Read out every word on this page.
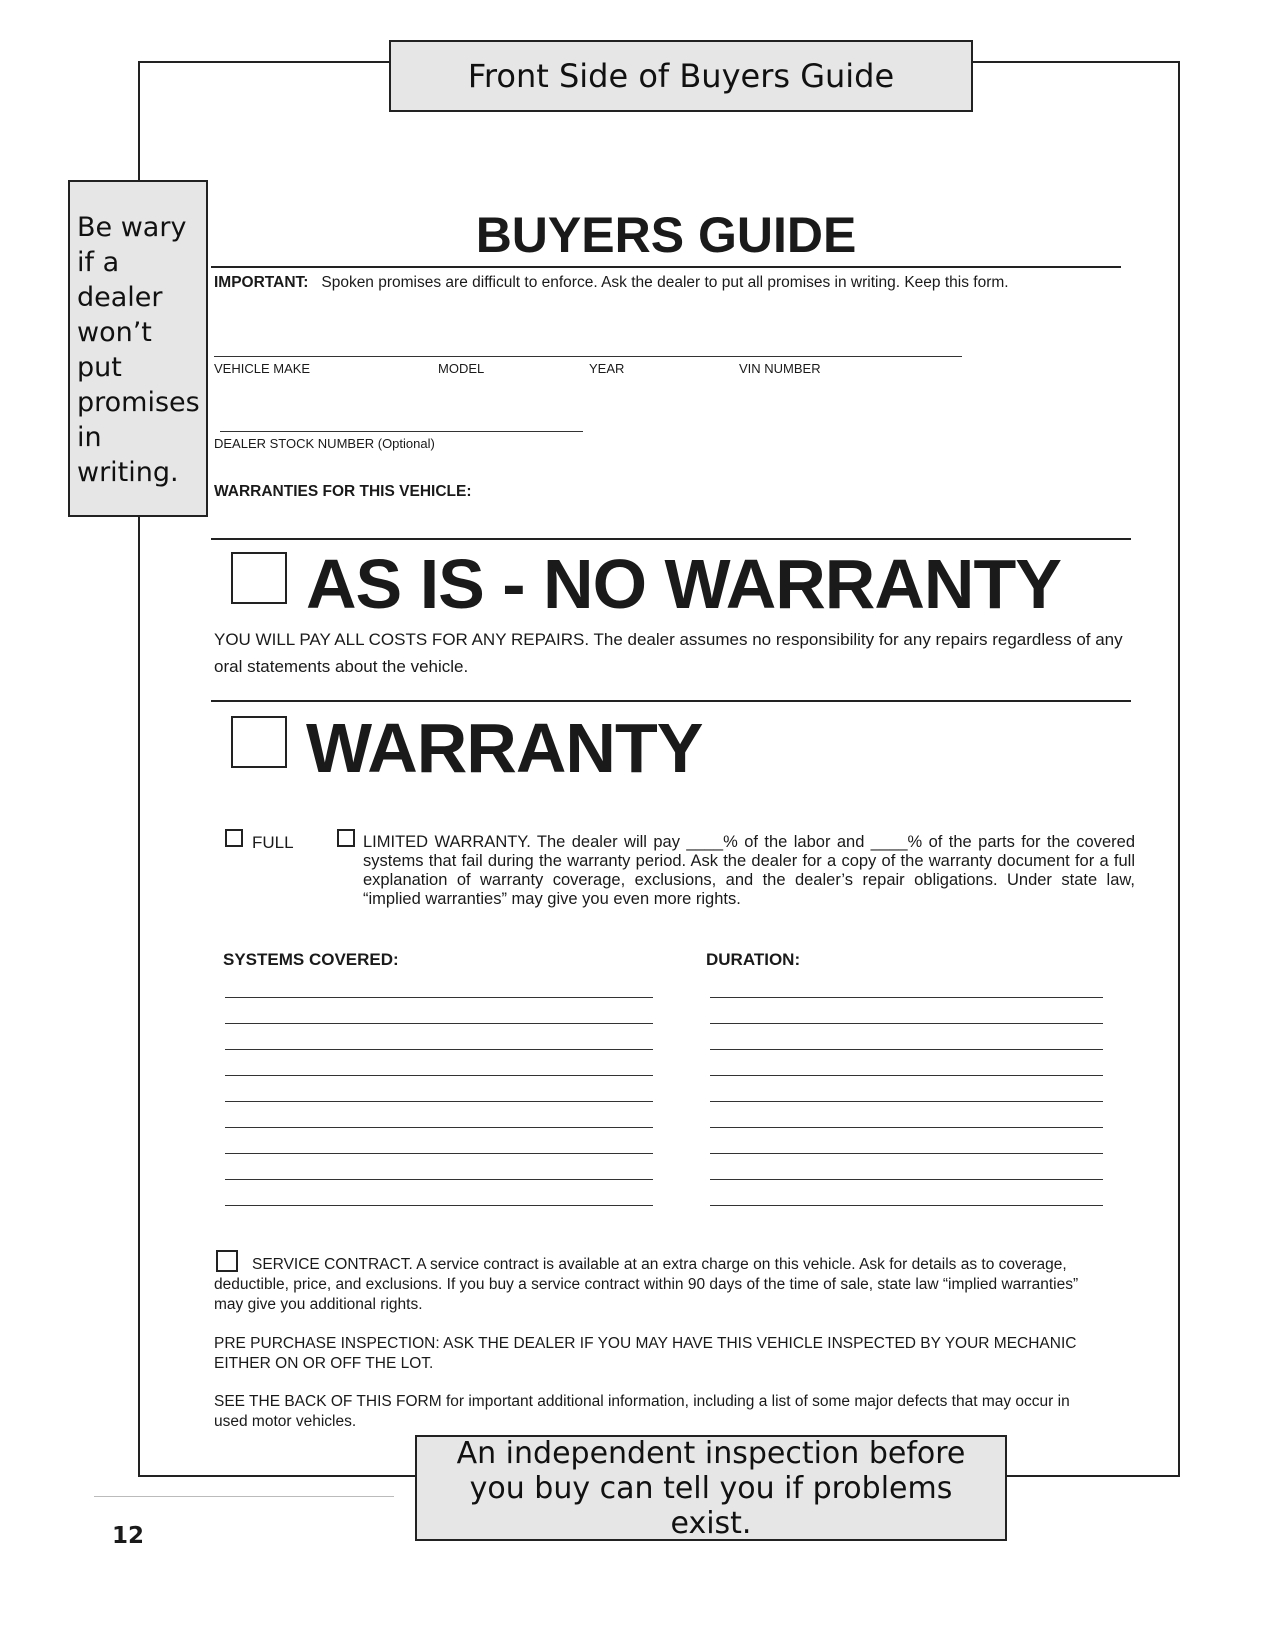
Front Side of Buyers Guide
Be wary if a dealer won’t put promises in writing.
BUYERS GUIDE
IMPORTANT: Spoken promises are difficult to enforce. Ask the dealer to put all promises in writing. Keep this form.
VEHICLE MAKE	MODEL	YEAR	VIN NUMBER
DEALER STOCK NUMBER (Optional)
WARRANTIES FOR THIS VEHICLE:
AS IS - NO WARRANTY
YOU WILL PAY ALL COSTS FOR ANY REPAIRS. The dealer assumes no responsibility for any repairs regardless of any oral statements about the vehicle.
WARRANTY
FULL	LIMITED WARRANTY. The dealer will pay ____% of the labor and ____% of the parts for the covered systems that fail during the warranty period. Ask the dealer for a copy of the warranty document for a full explanation of warranty coverage, exclusions, and the dealer’s repair obligations. Under state law, “implied warranties” may give you even more rights.
SYSTEMS COVERED:	DURATION:
SERVICE CONTRACT. A service contract is available at an extra charge on this vehicle. Ask for details as to coverage, deductible, price, and exclusions. If you buy a service contract within 90 days of the time of sale, state law “implied warranties” may give you additional rights.
PRE PURCHASE INSPECTION: ASK THE DEALER IF YOU MAY HAVE THIS VEHICLE INSPECTED BY YOUR MECHANIC EITHER ON OR OFF THE LOT.
SEE THE BACK OF THIS FORM for important additional information, including a list of some major defects that may occur in used motor vehicles.
An independent inspection before you buy can tell you if problems exist.
12
